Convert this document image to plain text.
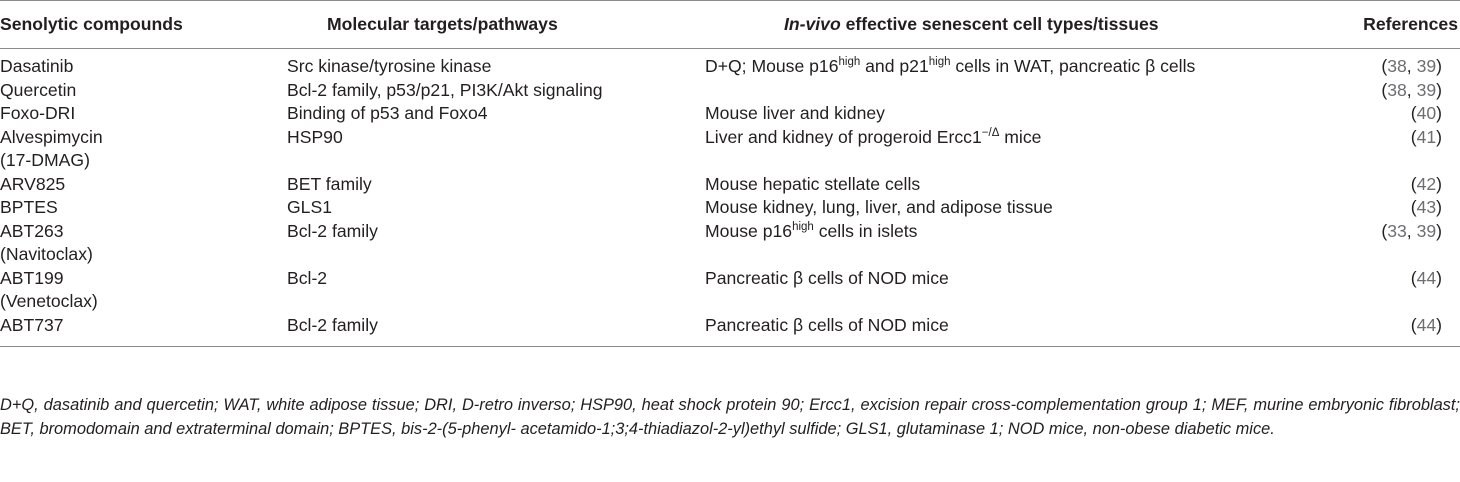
Senolytic compounds	Molecular targets/pathways	In-vivo effective senescent cell types/tissues	References

Dasatinib	Src kinase/tyrosine kinase	D+Q; Mouse $p16^{high}$ and $p21^{high}$ cells in WAT, pancreatic β cells	(38, 39)

Quercetin	Bcl-2 family, p53/p21, PI3K/Akt signaling		(38, 39)

Foxo-DRI	Binding of p53 and Foxo4	Mouse liver and kidney	(40)

Alvespimycin
(17-DMAG)	HSP90	Liver and kidney of progeroid $Ercc1^{-/\Delta}$ mice	(41)

ARV825	BET family	Mouse hepatic stellate cells	(42)

BPTES	GLS1	Mouse kidney, lung, liver, and adipose tissue	(43)

ABT263
(Navitoclax)	Bcl-2 family	Mouse $p16^{high}$ cells in islets	(33, 39)

ABT199
(Venetoclax)	Bcl-2	Pancreatic β cells of NOD mice	(44)

ABT737	Bcl-2 family	Pancreatic β cells of NOD mice	(44)
D+Q, dasatinib and quercetin; WAT, white adipose tissue; DRI, D-retro inverso; HSP90, heat shock protein 90; Ercc1, excision repair cross-complementation group 1; MEF, murine embryonic fibroblast; BET, bromodomain and extraterminal domain; BPTES, bis-2-(5-phenyl- acetamido-1;3;4-thiadiazol-2-yl)ethyl sulfide; GLS1, glutaminase 1; NOD mice, non-obese diabetic mice.
